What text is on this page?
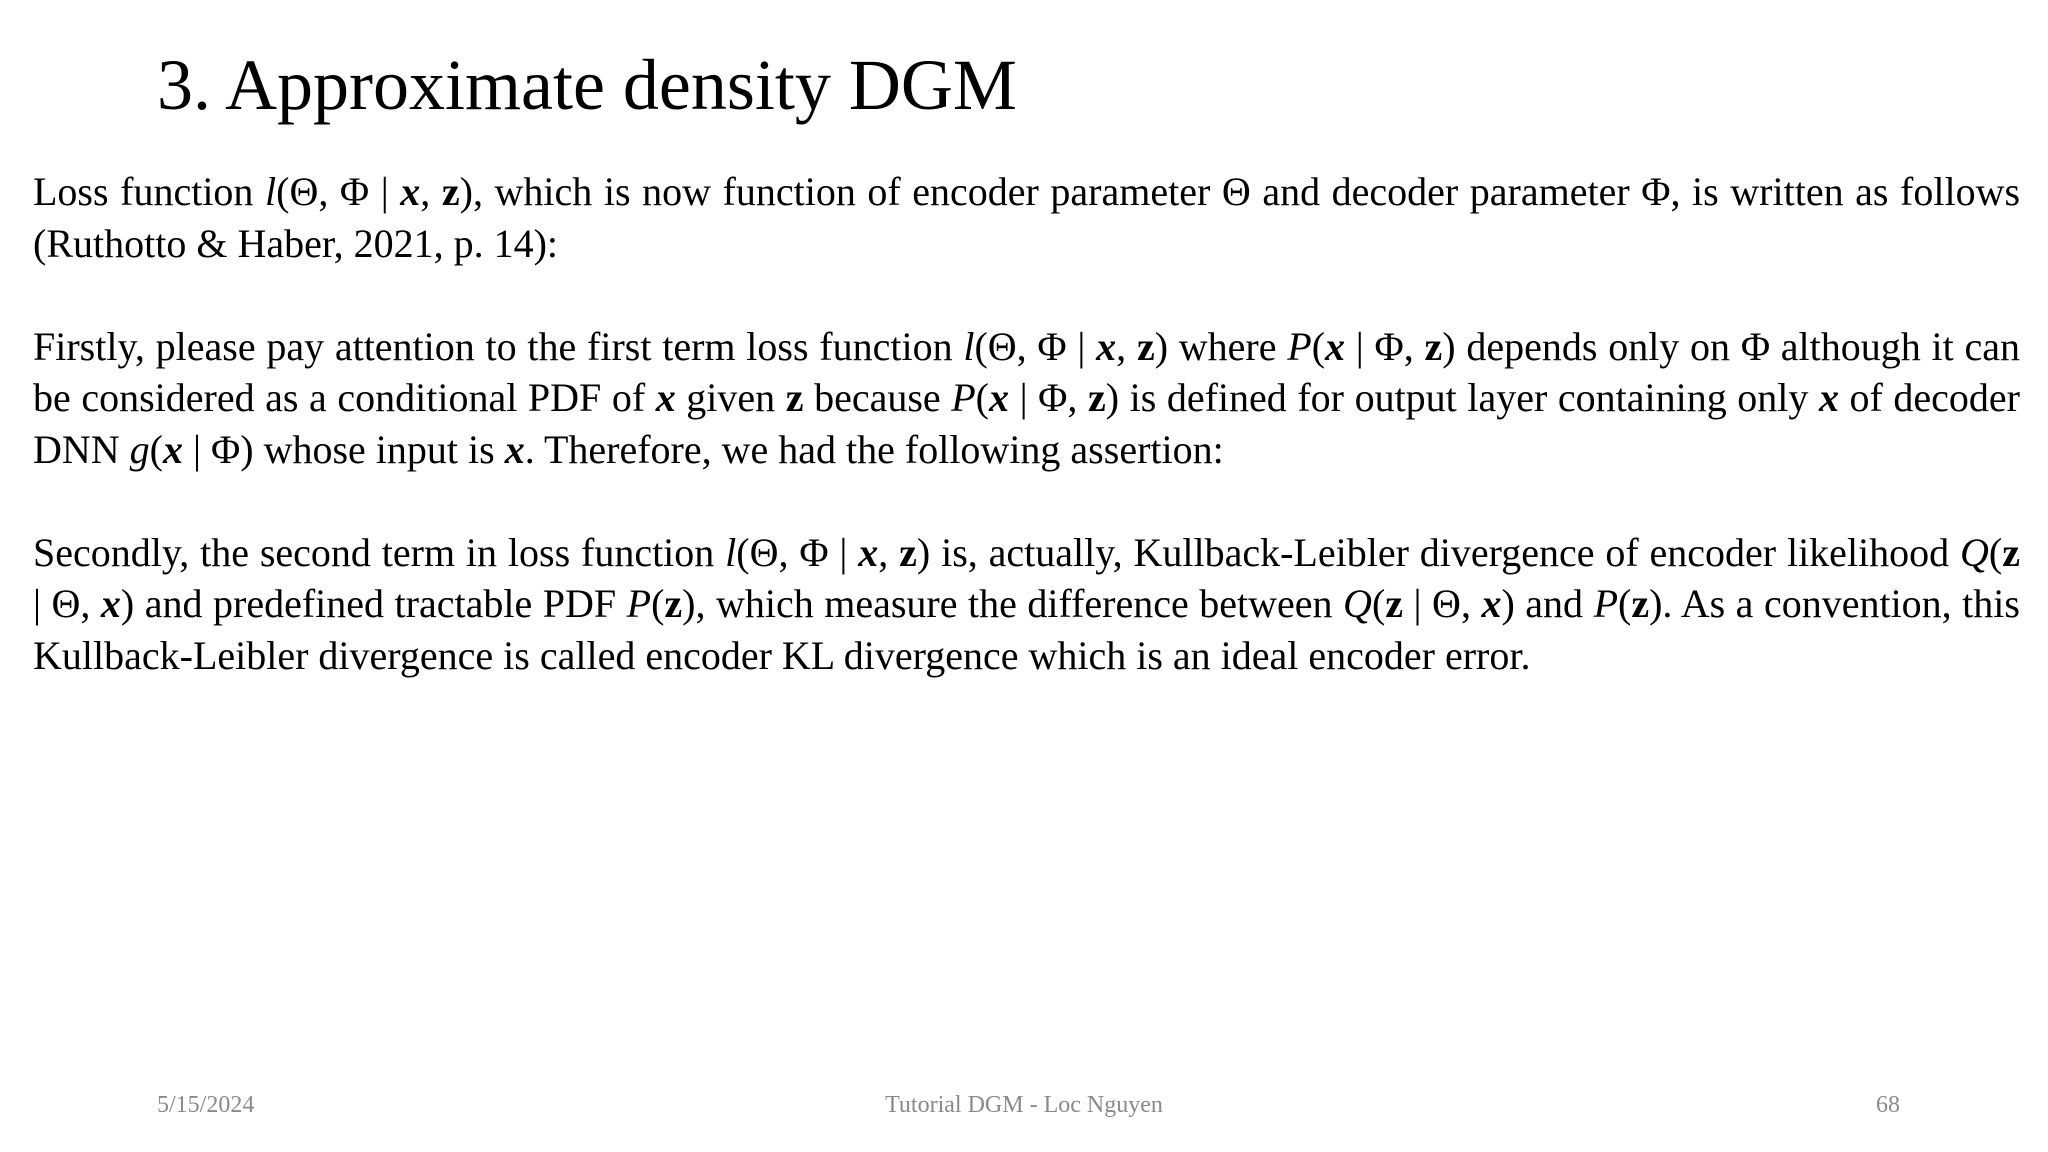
3. Approximate density DGM

Loss function l(Θ, Φ | x, z), which is now function of encoder parameter Θ and decoder parameter Φ, is written as follows (Ruthotto & Haber, 2021, p. 14):

Firstly, please pay attention to the first term loss function l(Θ, Φ | x, z) where P(x | Φ, z) depends only on Φ although it can be considered as a conditional PDF of x given z because P(x | Φ, z) is defined for output layer containing only x of decoder DNN g(x | Φ) whose input is x. Therefore, we had the following assertion:

Secondly, the second term in loss function l(Θ, Φ | x, z) is, actually, Kullback-Leibler divergence of encoder likelihood Q(z | Θ, x) and predefined tractable PDF P(z), which measure the difference between Q(z | Θ, x) and P(z). As a convention, this Kullback-Leibler divergence is called encoder KL divergence which is an ideal encoder error.

5/15/2024	Tutorial DGM - Loc Nguyen	68
